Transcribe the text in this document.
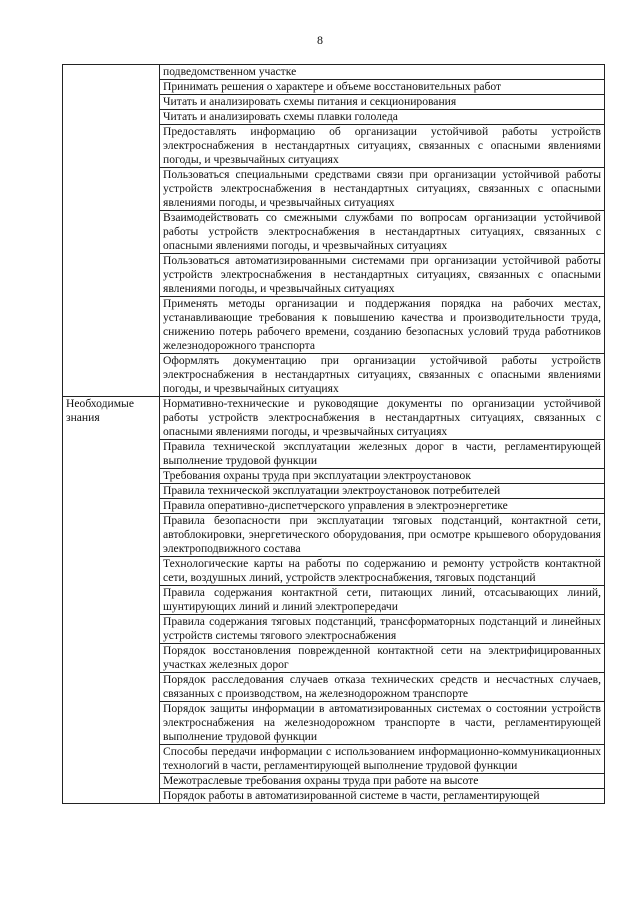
8
	подведомственном участке
	Принимать решения о характере и объеме восстановительных работ
	Читать и анализировать схемы питания и секционирования
	Читать и анализировать схемы плавки гололеда
	Предоставлять информацию об организации устойчивой работы устройств электроснабжения в нестандартных ситуациях, связанных с опасными явлениями погоды, и чрезвычайных ситуациях
	Пользоваться специальными средствами связи при организации устойчивой работы устройств электроснабжения в нестандартных ситуациях, связанных с опасными явлениями погоды, и чрезвычайных ситуациях
	Взаимодействовать со смежными службами по вопросам организации устойчивой работы устройств электроснабжения в нестандартных ситуациях, связанных с опасными явлениями погоды, и чрезвычайных ситуациях
	Пользоваться автоматизированными системами при организации устойчивой работы устройств электроснабжения в нестандартных ситуациях, связанных с опасными явлениями погоды, и чрезвычайных ситуациях
	Применять методы организации и поддержания порядка на рабочих местах, устанавливающие требования к повышению качества и производительности труда, снижению потерь рабочего времени, созданию безопасных условий труда работников железнодорожного транспорта
	Оформлять документацию при организации устойчивой работы устройств электроснабжения в нестандартных ситуациях, связанных с опасными явлениями погоды, и чрезвычайных ситуациях
Необходимые знания	Нормативно-технические и руководящие документы по организации устойчивой работы устройств электроснабжения в нестандартных ситуациях, связанных с опасными явлениями погоды, и чрезвычайных ситуациях
	Правила технической эксплуатации железных дорог в части, регламентирующей выполнение трудовой функции
	Требования охраны труда при эксплуатации электроустановок
	Правила технической эксплуатации электроустановок потребителей
	Правила оперативно-диспетчерского управления в электроэнергетике
	Правила безопасности при эксплуатации тяговых подстанций, контактной сети, автоблокировки, энергетического оборудования, при осмотре крышевого оборудования электроподвижного состава
	Технологические карты на работы по содержанию и ремонту устройств контактной сети, воздушных линий, устройств электроснабжения, тяговых подстанций
	Правила содержания контактной сети, питающих линий, отсасывающих линий, шунтирующих линий и линий электропередачи
	Правила содержания тяговых подстанций, трансформаторных подстанций и линейных устройств системы тягового электроснабжения
	Порядок восстановления поврежденной контактной сети на электрифицированных участках железных дорог
	Порядок расследования случаев отказа технических средств и несчастных случаев, связанных с производством, на железнодорожном транспорте
	Порядок защиты информации в автоматизированных системах о состоянии устройств электроснабжения на железнодорожном транспорте в части, регламентирующей выполнение трудовой функции
	Способы передачи информации с использованием информационно-коммуникационных технологий в части, регламентирующей выполнение трудовой функции
	Межотраслевые требования охраны труда при работе на высоте
	Порядок работы в автоматизированной системе в части, регламентирующей
